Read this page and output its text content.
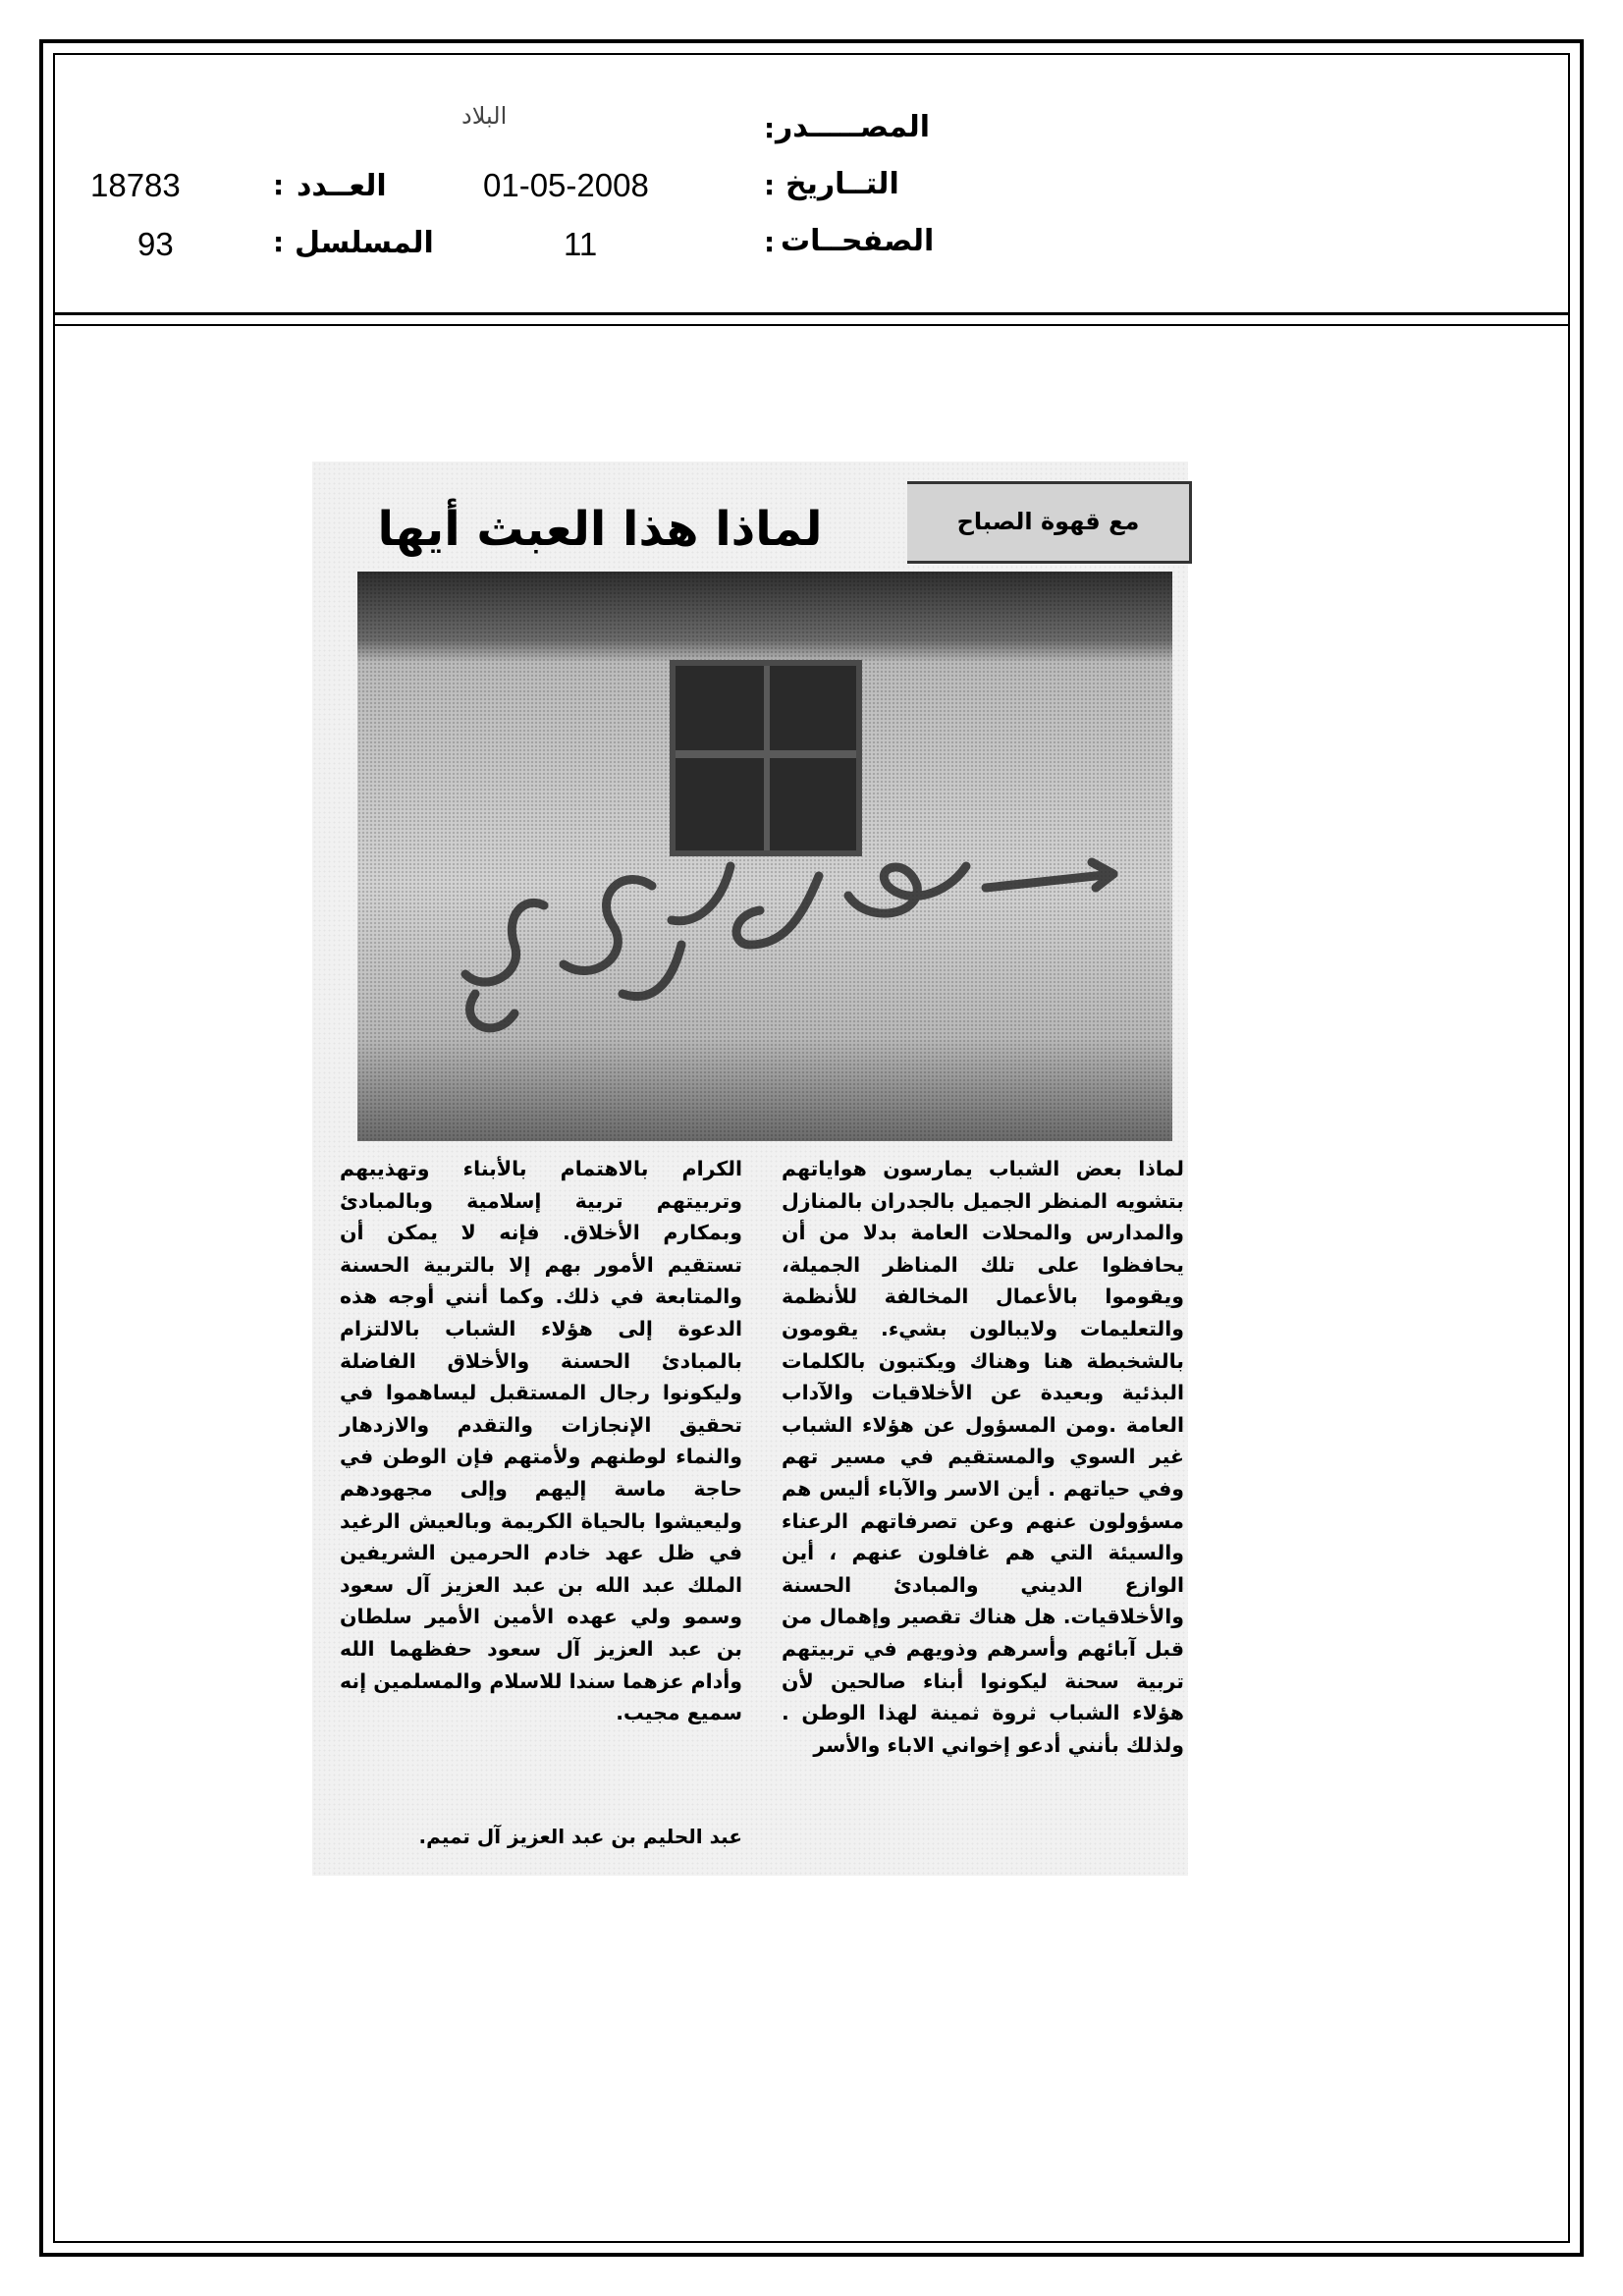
المصـــــدر
:
البلاد
التــاريخ
:
01-05-2008
الصفحــات
:
11
العــدد
:
18783
المسلسل
:
93
لماذا هذا العبث أيها	مع قهوة الصباح
شارع
لماذا بعض الشباب يمارسون هواياتهم بتشويه المنظر الجميل بالجدران بالمنازل والمدارس والمحلات العامة بدلا من أن يحافظوا على تلك المناظر الجميلة، ويقوموا بالأعمال المخالفة للأنظمة والتعليمات ولايبالون بشيء. يقومون بالشخبطة هنا وهناك ويكتبون بالكلمات البذئية وبعيدة عن الأخلاقيات والآداب العامة .ومن المسؤول عن هؤلاء الشباب غير السوي والمستقيم في مسير تهم وفي حياتهم . أين الاسر والآباء أليس هم مسؤولون عنهم وعن تصرفاتهم الرعناء والسيئة التي هم غافلون عنهم ، أين الوازع الديني والمبادئ الحسنة والأخلاقيات. هل هناك تقصير وإهمال من قبل آبائهم وأسرهم وذويهم في تربيتهم تربية سحنة ليكونوا أبناء صالحين لأن هؤلاء الشباب ثروة ثمينة لهذا الوطن . ولذلك بأنني أدعو إخواني الاباء والأسر
الكرام بالاهتمام بالأبناء وتهذيبهم وتربيتهم تربية إسلامية وبالمبادئ وبمكارم الأخلاق. فإنه لا يمكن أن تستقيم الأمور بهم إلا بالتربية الحسنة والمتابعة في ذلك. وكما أنني أوجه هذه الدعوة إلى هؤلاء الشباب بالالتزام بالمبادئ الحسنة والأخلاق الفاضلة وليكونوا رجال المستقبل ليساهموا في تحقيق الإنجازات والتقدم والازدهار والنماء لوطنهم ولأمتهم فإن الوطن في حاجة ماسة إليهم وإلى مجهودهم وليعيشوا بالحياة الكريمة وبالعيش الرغيد في ظل عهد خادم الحرمين الشريفين الملك عبد الله بن عبد العزيز آل سعود وسمو ولي عهده الأمين الأمير سلطان بن عبد العزيز آل سعود حفظهما الله وأدام عزهما سندا للاسلام والمسلمين إنه سميع مجيب.
عبد الحليم بن عبد العزيز آل تميم.
